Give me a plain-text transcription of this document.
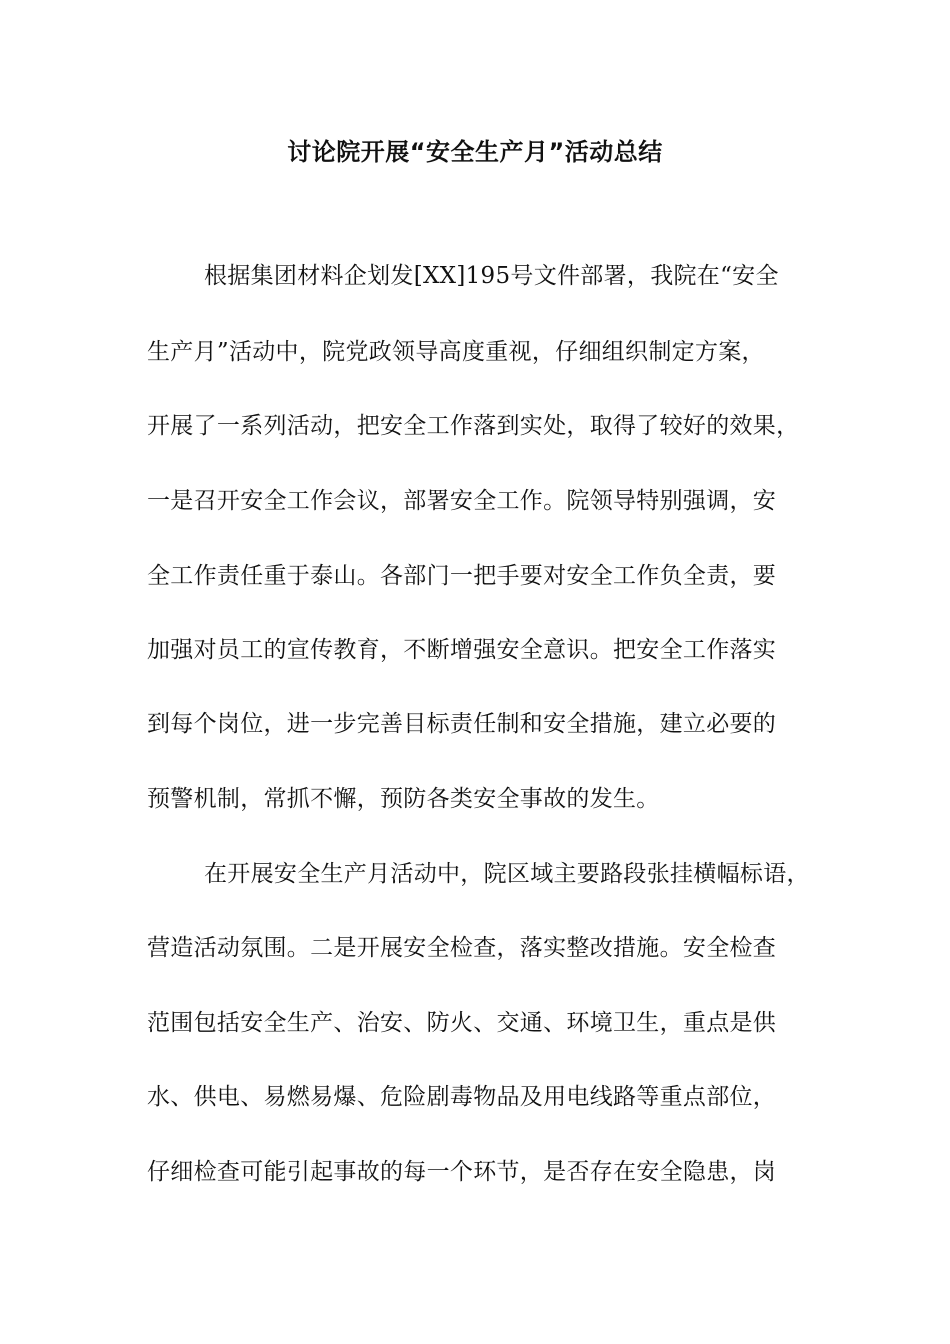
讨论院开展“安全生产月”活动总结
根据集团材料企划发[XX]195号文件部署，我院在“安全
生产月”活动中，院党政领导高度重视，仔细组织制定方案，
开展了一系列活动，把安全工作落到实处，取得了较好的效果，
一是召开安全工作会议，部署安全工作。院领导特别强调，安
全工作责任重于泰山。各部门一把手要对安全工作负全责，要
加强对员工的宣传教育，不断增强安全意识。把安全工作落实
到每个岗位，进一步完善目标责任制和安全措施，建立必要的
预警机制，常抓不懈，预防各类安全事故的发生。
在开展安全生产月活动中，院区域主要路段张挂横幅标语，
营造活动氛围。二是开展安全检查，落实整改措施。安全检查
范围包括安全生产、治安、防火、交通、环境卫生，重点是供
水、供电、易燃易爆、危险剧毒物品及用电线路等重点部位，
仔细检查可能引起事故的每一个环节，是否存在安全隐患，岗
